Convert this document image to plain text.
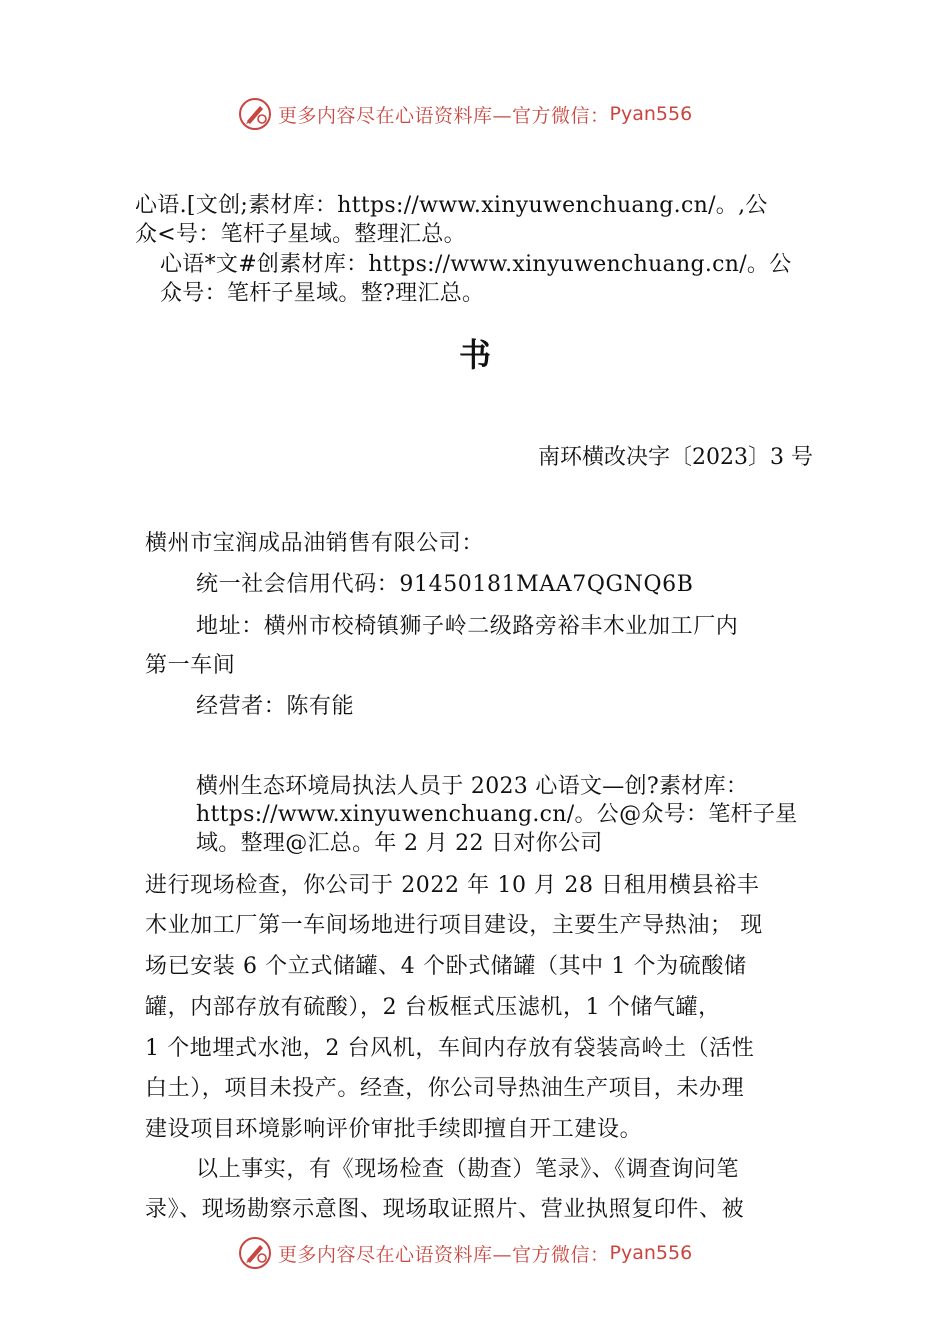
更多内容尽在心语资料库—官方微信： Pyan556
心语.[文创;素材库：https://www.xinyuwenchuang.cn/。,公
众<号：笔杆子星域。整理汇总。
心语*文#创素材库：https://www.xinyuwenchuang.cn/。公
众号：笔杆子星域。整?理汇总。
书
南环横改决字〔2023〕3 号
横州市宝润成品油销售有限公司：
统一社会信用代码：91450181MAA7QGNQ6B
地址：横州市校椅镇狮子岭二级路旁裕丰木业加工厂内
第一车间
经营者：陈有能
横州生态环境局执法人员于 2023 心语文—创?素材库：
https://www.xinyuwenchuang.cn/。公@众号：笔杆子星
域。整理@汇总。年 2 月 22 日对你公司
进行现场检查，你公司于 2022 年 10 月 28 日租用横县裕丰
木业加工厂第一车间场地进行项目建设，主要生产导热油； 现
场已安装 6 个立式储罐、4 个卧式储罐（其中 1 个为硫酸储
罐，内部存放有硫酸），2 台板框式压滤机，1 个储气罐，
1 个地埋式水池，2 台风机，车间内存放有袋装高岭土（活性
白土），项目未投产。经查，你公司导热油生产项目，未办理
建设项目环境影响评价审批手续即擅自开工建设。
以上事实，有《现场检查（勘查）笔录》、《调查询问笔
录》、现场勘察示意图、现场取证照片、营业执照复印件、被
更多内容尽在心语资料库—官方微信： Pyan556
